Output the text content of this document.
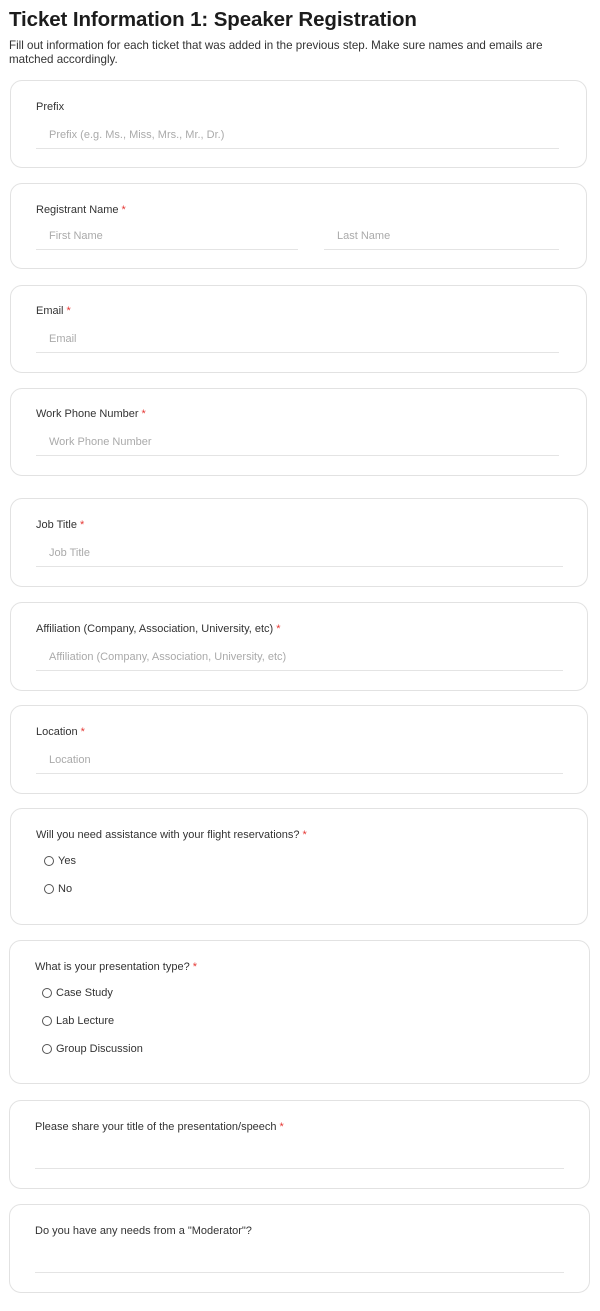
Ticket Information 1: Speaker Registration

Fill out information for each ticket that was added in the previous step. Make sure names and emails are matched accordingly.

Prefix
Prefix (e.g. Ms., Miss, Mrs., Mr., Dr.)
Registrant Name *
First Name	Last Name
Email *
Email
Work Phone Number *
Work Phone Number
Job Title *
Job Title
Affiliation (Company, Association, University, etc) *
Affiliation (Company, Association, University, etc)
Location *
Location
Will you need assistance with your flight reservations? *
Yes
No
What is your presentation type? *
Case Study
Lab Lecture
Group Discussion
Please share your title of the presentation/speech *
Do you have any needs from a "Moderator"?
